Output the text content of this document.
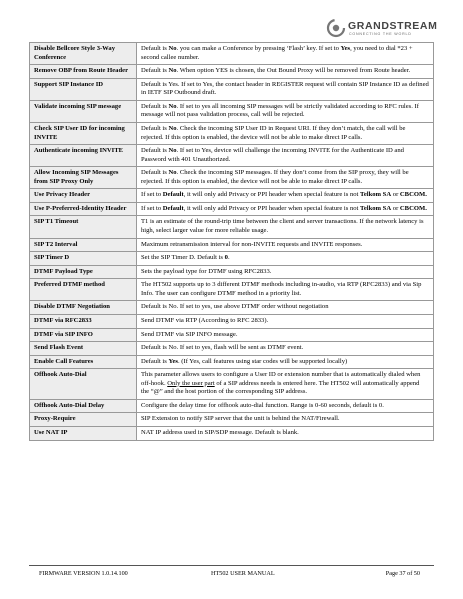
GRANDSTREAM
CONNECTING THE WORLD
Disable Bellcore Style 3-Way Conference	Default is No. you can make a Conference by pressing ‘Flash’ key. If set to Yes, you need to dial *23 + second callee number.
Remove OBP from Route Header	Default is No. When option YES is chosen, the Out Bound Proxy will be removed from Route header.
Support SIP Instance ID	Default is Yes. If set to Yes, the contact header in REGISTER request will contain SIP Instance ID as defined in IETF SIP Outbound draft.
Validate incoming SIP message	Default is No. If set to yes all incoming SIP messages will be strictly validated according to RFC rules. If message will not pass validation process, call will be rejected.
Check SIP User ID for incoming INVITE	Default is No. Check the incoming SIP User ID in Request URI. If they don’t match, the call will be rejected. If this option is enabled, the device will not be able to make direct IP calls.
Authenticate incoming INVITE	Default is No. If set to Yes, device will challenge the incoming INVITE for the Authenticate ID and Password with 401 Unauthorized.
Allow Incoming SIP Messages from SIP Proxy Only	Default is No. Check the incoming SIP messages. If they don’t come from the SIP proxy, they will be rejected. If this option is enabled, the device will not be able to make direct IP calls.
Use Privacy Header	If set to Default, it will only add Privacy or PPI header when special feature is not Telkom SA or CBCOM.
Use P-Preferred-Identity Header	If set to Default, it will only add Privacy or PPI header when special feature is not Telkom SA or CBCOM.
SIP T1 Timeout	T1 is an estimate of the round-trip time between the client and server transactions. If the network latency is high, select larger value for more reliable usage.
SIP T2 Interval	Maximum retransmission interval for non-INVITE requests and INVITE responses.
SIP Timer D	Set the SIP Timer D. Default is 0.
DTMF Payload Type	Sets the payload type for DTMF using RFC2833.
Preferred DTMF method	The HT502 supports up to 3 different DTMF methods including in-audio, via RTP (RFC2833) and via Sip Info. The user can configure DTMF method in a priority list.
Disable DTMF Negotiation	Default is No. If set to yes, use above DTMF order without negotiation
DTMF via RFC2833	Send DTMF via RTP (According to RFC 2833).
DTMF via SIP INFO	Send DTMF via SIP INFO message.
Send Flash Event	Default is No. If set to yes, flash will be sent as DTMF event.
Enable Call Features	Default is Yes. (If Yes, call features using star codes will be supported locally)
Offhook Auto-Dial	This parameter allows users to configure a User ID or extension number that is automatically dialed when off-hook. Only the user part of a SIP address needs is entered here. The HT502 will automatically append the “@” and the host portion of the corresponding SIP address.
Offhook Auto-Dial Delay	Configure the delay time for offhook auto-dial function. Range is 0-60 seconds, default is 0.
Proxy-Require	SIP Extension to notify SIP server that the unit is behind the NAT/Firewall.
Use NAT IP	NAT IP address used in SIP/SDP message. Default is blank.
FIRMWARE VERSION 1.0.14.100	HT502 USER MANUAL	Page 37 of 50
